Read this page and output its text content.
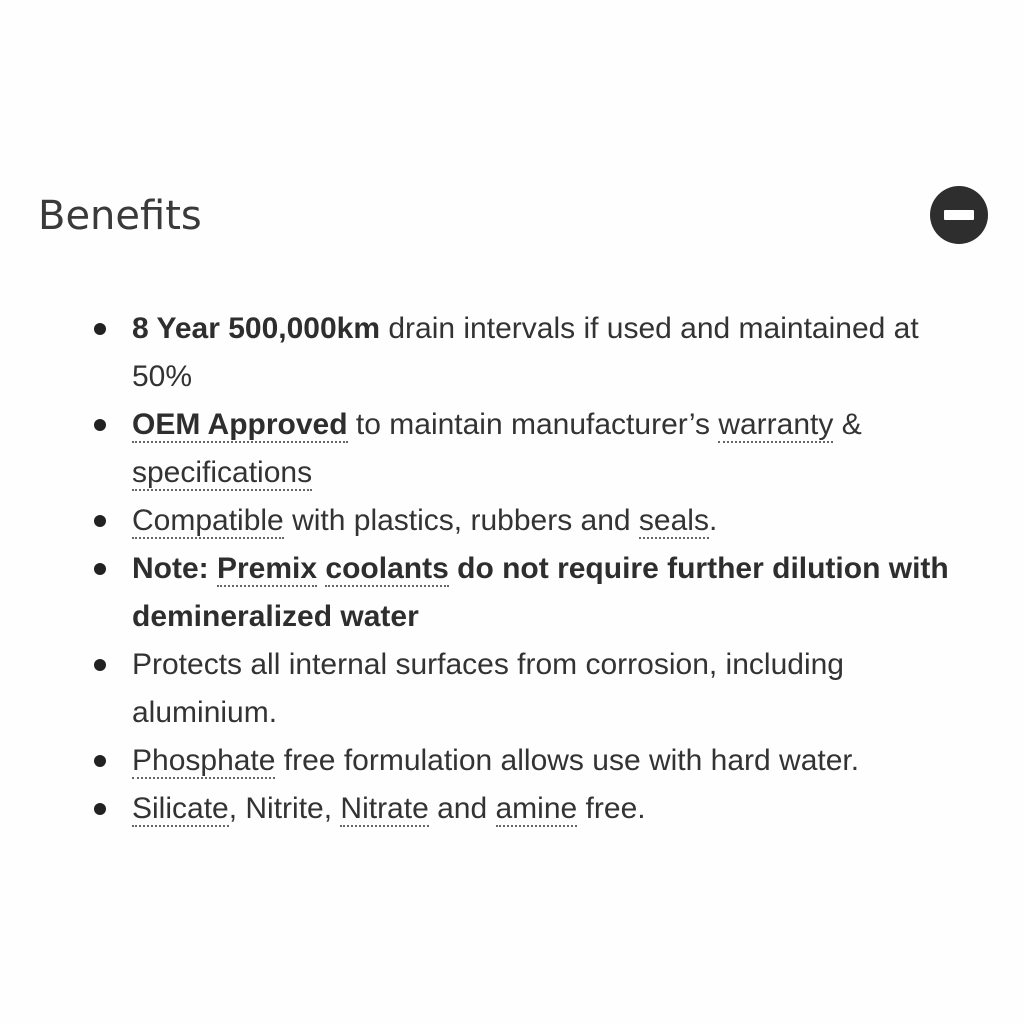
Benefits
8 Year 500,000km drain intervals if used and maintained at 50%
OEM Approved to maintain manufacturer’s warranty & specifications
Compatible with plastics, rubbers and seals.
Note: Premix coolants do not require further dilution with demineralized water
Protects all internal surfaces from corrosion, including aluminium.
Phosphate free formulation allows use with hard water.
Silicate, Nitrite, Nitrate and amine free.
